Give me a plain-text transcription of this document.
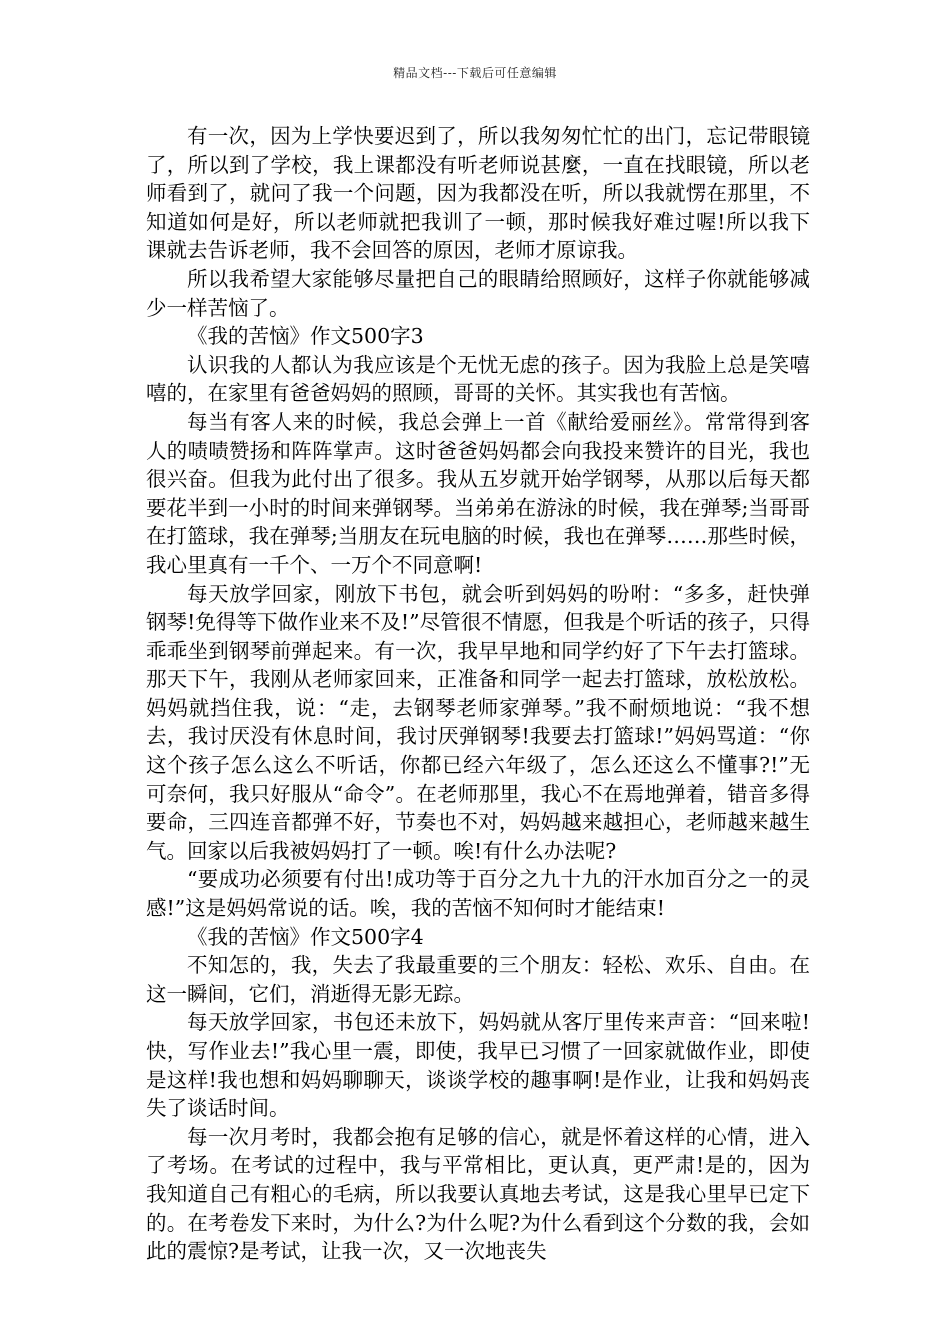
精品文档---下载后可任意编辑

有一次，因为上学快要迟到了，所以我匆匆忙忙的出门，忘记带眼镜了，所以到了学校，我上课都没有听老师说甚麼，一直在找眼镜，所以老师看到了，就问了我一个问题，因为我都没在听，所以我就愣在那里，不知道如何是好，所以老师就把我训了一顿，那时候我好难过喔!所以我下课就去告诉老师，我不会回答的原因，老师才原谅我。

所以我希望大家能够尽量把自己的眼睛给照顾好，这样子你就能够减少一样苦恼了。

《我的苦恼》作文500字3

认识我的人都认为我应该是个无忧无虑的孩子。因为我脸上总是笑嘻嘻的，在家里有爸爸妈妈的照顾，哥哥的关怀。其实我也有苦恼。

每当有客人来的时候，我总会弹上一首《献给爱丽丝》。常常得到客人的啧啧赞扬和阵阵掌声。这时爸爸妈妈都会向我投来赞许的目光，我也很兴奋。但我为此付出了很多。我从五岁就开始学钢琴，从那以后每天都要花半到一小时的时间来弹钢琴。当弟弟在游泳的时候，我在弹琴;当哥哥在打篮球，我在弹琴;当朋友在玩电脑的时候，我也在弹琴……那些时候，我心里真有一千个、一万个不同意啊!

每天放学回家，刚放下书包，就会听到妈妈的吩咐：“多多，赶快弹钢琴!免得等下做作业来不及!”尽管很不情愿，但我是个听话的孩子，只得乖乖坐到钢琴前弹起来。有一次，我早早地和同学约好了下午去打篮球。那天下午，我刚从老师家回来，正准备和同学一起去打篮球，放松放松。妈妈就挡住我，说：“走，去钢琴老师家弹琴。”我不耐烦地说：“我不想去，我讨厌没有休息时间，我讨厌弹钢琴!我要去打篮球!”妈妈骂道：“你这个孩子怎么这么不听话，你都已经六年级了，怎么还这么不懂事?!”无可奈何，我只好服从“命令”。在老师那里，我心不在焉地弹着，错音多得要命，三四连音都弹不好，节奏也不对，妈妈越来越担心，老师越来越生气。回家以后我被妈妈打了一顿。唉!有什么办法呢?

“要成功必须要有付出!成功等于百分之九十九的汗水加百分之一的灵感!”这是妈妈常说的话。唉，我的苦恼不知何时才能结束!

《我的苦恼》作文500字4

不知怎的，我，失去了我最重要的三个朋友：轻松、欢乐、自由。在这一瞬间，它们，消逝得无影无踪。

每天放学回家，书包还未放下，妈妈就从客厅里传来声音：“回来啦!快，写作业去!”我心里一震，即使，我早已习惯了一回家就做作业，即使是这样!我也想和妈妈聊聊天，谈谈学校的趣事啊!是作业，让我和妈妈丧失了谈话时间。

每一次月考时，我都会抱有足够的信心，就是怀着这样的心情，进入了考场。在考试的过程中，我与平常相比，更认真，更严肃!是的，因为我知道自己有粗心的毛病，所以我要认真地去考试，这是我心里早已定下的。在考卷发下来时，为什么?为什么呢?为什么看到这个分数的我，会如此的震惊?是考试，让我一次，又一次地丧失
